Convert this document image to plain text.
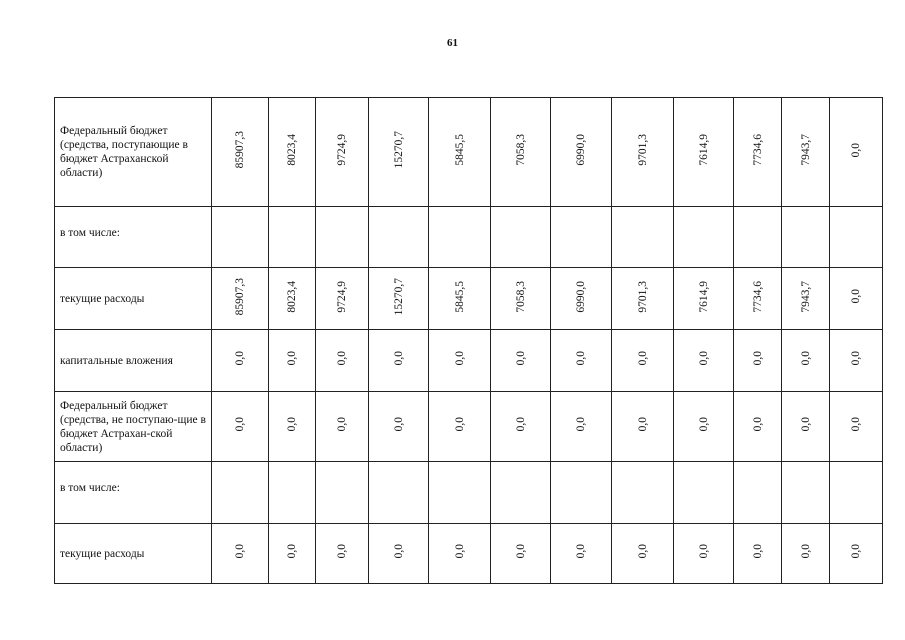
61
Федеральный бюджет (средства, поступающие в бюджет Астраханской области)	85907,3	8023,4	9724,9	15270,7	5845,5	7058,3	6990,0	9701,3	7614,9	7734,6	7943,7	0,0
в том числе:												
текущие расходы	85907,3	8023,4	9724,9	15270,7	5845,5	7058,3	6990,0	9701,3	7614,9	7734,6	7943,7	0,0
капитальные вложения	0,0	0,0	0,0	0,0	0,0	0,0	0,0	0,0	0,0	0,0	0,0	0,0
Федеральный бюджет (средства, не поступаю-щие в бюджет Астрахан-ской области)	0,0	0,0	0,0	0,0	0,0	0,0	0,0	0,0	0,0	0,0	0,0	0,0
в том числе:												
текущие расходы	0,0	0,0	0,0	0,0	0,0	0,0	0,0	0,0	0,0	0,0	0,0	0,0
